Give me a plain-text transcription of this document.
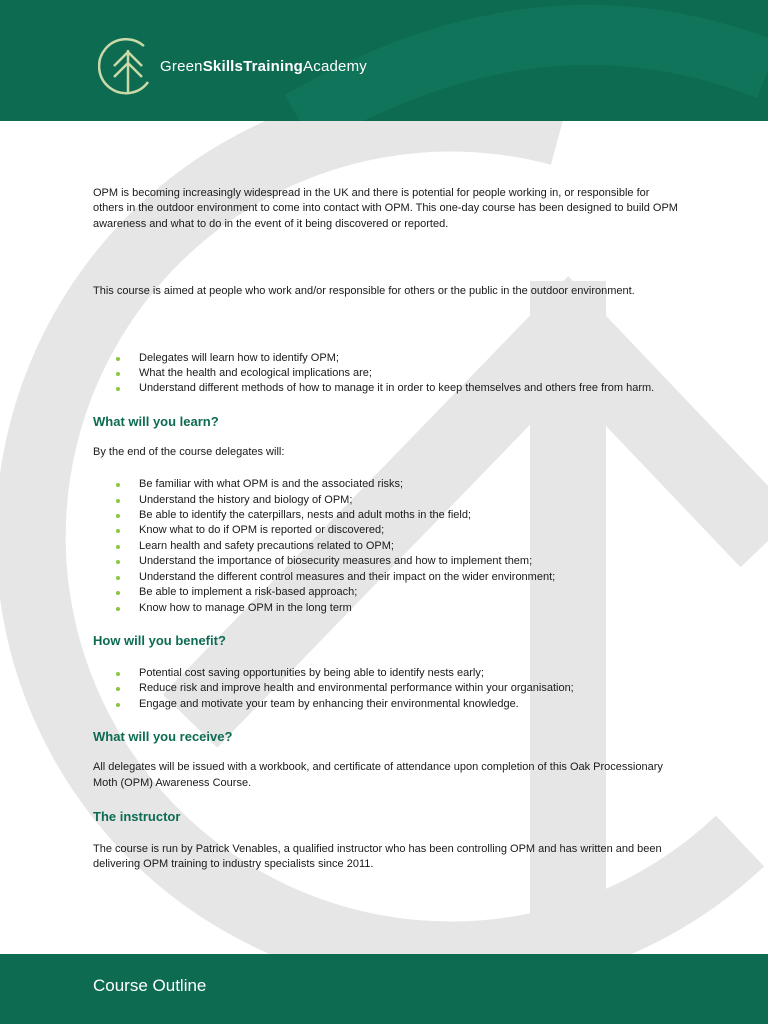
GreenSkillsTrainingAcademy

OPM is becoming increasingly widespread in the UK and there is potential for people working in, or responsible for others in the outdoor environment to come into contact with OPM. This one-day course has been designed to build OPM awareness and what to do in the event of it being discovered or reported.

This course is aimed at people who work and/or responsible for others or the public in the outdoor environment.

Delegates will learn how to identify OPM;
What the health and ecological implications are;
Understand different methods of how to manage it in order to keep themselves and others free from harm.
What will you learn?

By the end of the course delegates will:

Be familiar with what OPM is and the associated risks;
Understand the history and biology of OPM;
Be able to identify the caterpillars, nests and adult moths in the field;
Know what to do if OPM is reported or discovered;
Learn health and safety precautions related to OPM;
Understand the importance of biosecurity measures and how to implement them;
Understand the different control measures and their impact on the wider environment;
Be able to implement a risk-based approach;
Know how to manage OPM in the long term
How will you benefit?
Potential cost saving opportunities by being able to identify nests early;
Reduce risk and improve health and environmental performance within your organisation;
Engage and motivate your team by enhancing their environmental knowledge.
What will you receive?

All delegates will be issued with a workbook, and certificate of attendance upon completion of this Oak Processionary Moth (OPM) Awareness Course.

The instructor

The course is run by Patrick Venables, a qualified instructor who has been controlling OPM and has written and been delivering OPM training to industry specialists since 2011.

Course Outline
